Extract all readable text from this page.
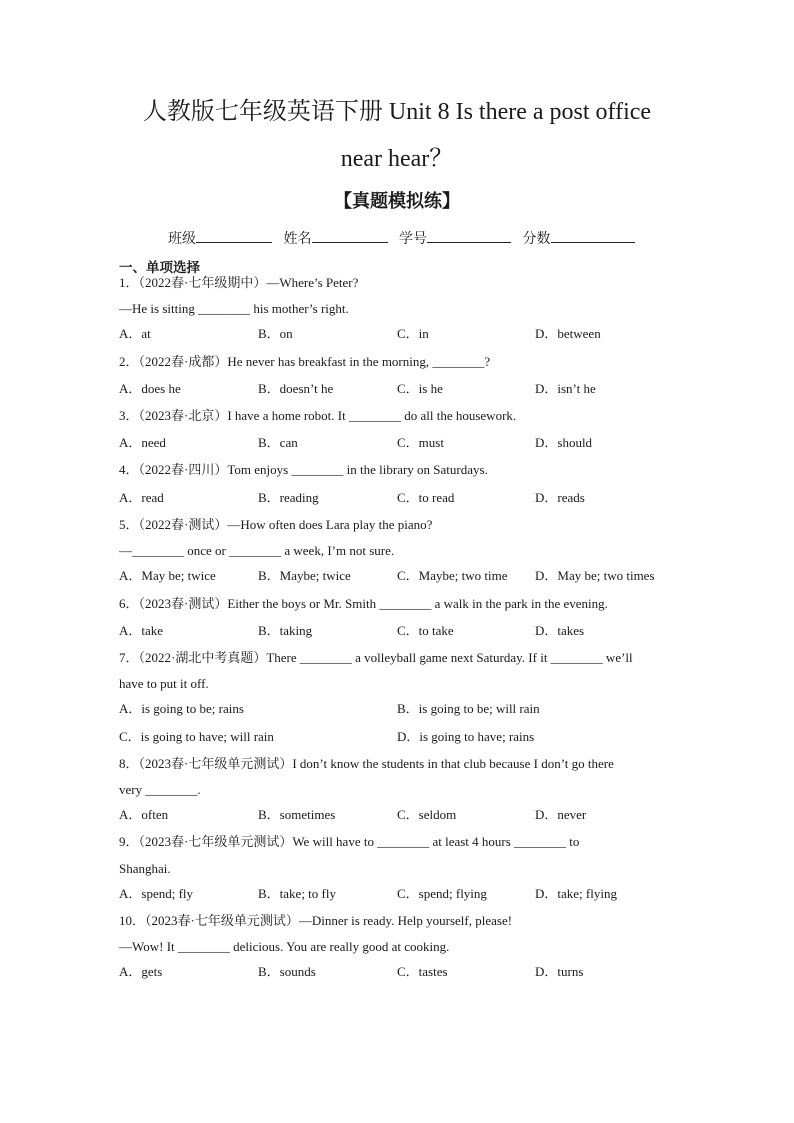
人教版七年级英语下册 Unit 8 Is there a post office
near hear？
【真题模拟练】
班级	姓名	学号	分数
一、单项选择
1．（2022春·七年级期中）—Where’s Peter?
—He is sitting ________ his mother’s right.
A．at	B．on	C．in	D．between
2．（2022春·成都）He never has breakfast in the morning, ________?
A．does he	B．doesn’t he	C．is he	D．isn’t he
3．（2023春·北京）I have a home robot. It ________ do all the housework.
A．need	B．can	C．must	D．should
4．（2022春·四川）Tom enjoys ________ in the library on Saturdays.
A．read	B．reading	C．to read	D．reads
5．（2022春·测试）—How often does Lara play the piano?
—________ once or ________ a week, I’m not sure.
A．May be; twice	B．Maybe; twice	C．Maybe; two time D．May be; two times
6．（2023春·测试）Either the boys or Mr. Smith ________ a walk in the park in the evening.
A．take	B．taking	C．to take	D．takes
7．（2022·湖北中考真题）There ________ a volleyball game next Saturday. If it ________ we’ll
have to put it off.
A．is going to be; rains	B．is going to be; will rain
C．is going to have; will rain	D．is going to have; rains
8．（2023春·七年级单元测试）I don’t know the students in that club because I don’t go there
very ________.
A．often	B．sometimes	C．seldom	D．never
9．（2023春·七年级单元测试）We will have to ________ at least 4 hours ________ to
Shanghai.
A．spend; fly	B．take; to fly	C．spend; flying	D．take; flying
10．（2023春·七年级单元测试）—Dinner is ready. Help yourself, please!
—Wow! It ________ delicious. You are really good at cooking.
A．gets	B．sounds	C．tastes	D．turns
